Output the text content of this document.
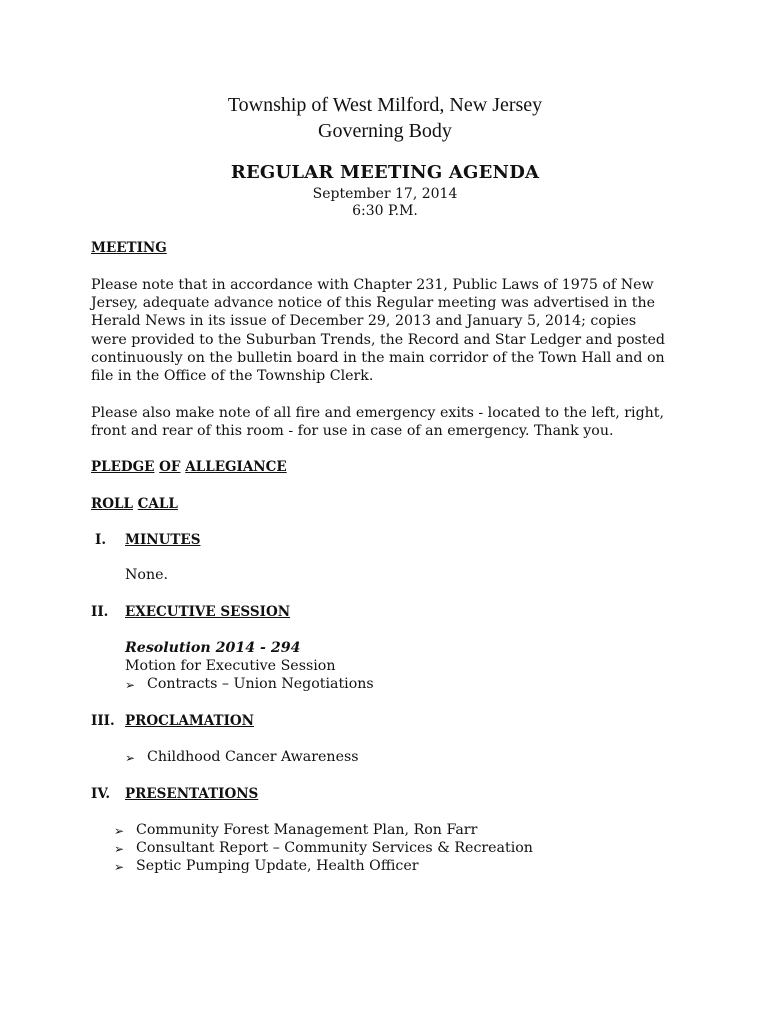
Township of West Milford, New Jersey
Governing Body
REGULAR MEETING AGENDA
September 17, 2014
6:30 P.M.
MEETING
Please note that in accordance with Chapter 231, Public Laws of 1975 of New
Jersey, adequate advance notice of this Regular meeting was advertised in the
Herald News in its issue of December 29, 2013 and January 5, 2014; copies
were provided to the Suburban Trends, the Record and Star Ledger and posted
continuously on the bulletin board in the main corridor of the Town Hall and on
file in the Office of the Township Clerk.
Please also make note of all fire and emergency exits - located to the left, right,
front and rear of this room - for use in case of an emergency. Thank you.
PLEDGE OF ALLEGIANCE
ROLL CALL
I. MINUTES
None.
II. EXECUTIVE SESSION
Resolution 2014 - 294
Motion for Executive Session
➢ Contracts – Union Negotiations
III. PROCLAMATION
➢ Childhood Cancer Awareness
IV. PRESENTATIONS
➢ Community Forest Management Plan, Ron Farr
➢ Consultant Report – Community Services & Recreation
➢ Septic Pumping Update, Health Officer
